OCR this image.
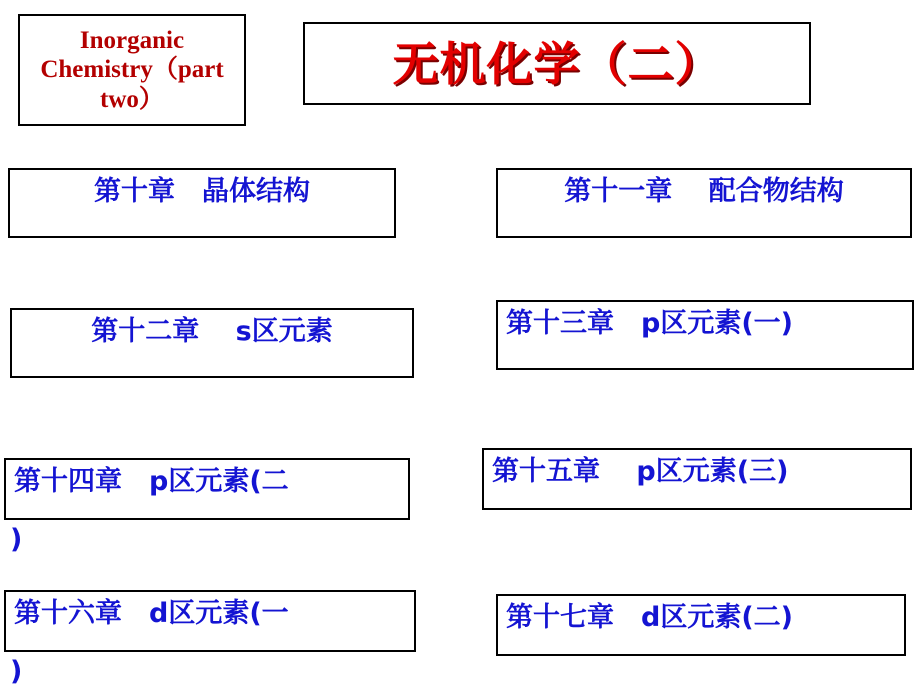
Inorganic Chemistry（part two）
无机化学（二）
第十章　晶体结构	第十一章　 配合物结构
第十二章　 s区元素	第十三章　p区元素(一)
第十四章　p区元素(二
)
第十五章　 p区元素(三)
第十六章　d区元素(一
)
第十七章　d区元素(二)
